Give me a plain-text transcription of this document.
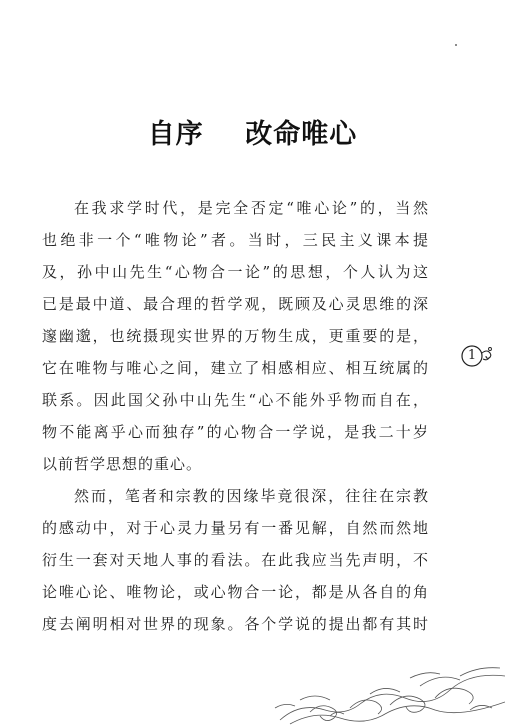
自序    改命唯心
在我求学时代，是完全否定“唯心论”的，当然
也绝非一个“唯物论”者。当时，三民主义课本提
及，孙中山先生“心物合一论”的思想，个人认为这
已是最中道、最合理的哲学观，既顾及心灵思维的深
邃幽邈，也统摄现实世界的万物生成，更重要的是，
它在唯物与唯心之间，建立了相感相应、相互统属的
联系。因此国父孙中山先生“心不能外乎物而自在，
物不能离乎心而独存”的心物合一学说，是我二十岁
以前哲学思想的重心。
然而，笔者和宗教的因缘毕竟很深，往往在宗教
的感动中，对于心灵力量另有一番见解，自然而然地
衍生一套对天地人事的看法。在此我应当先声明，不
论唯心论、唯物论，或心物合一论，都是从各自的角
度去阐明相对世界的现象。各个学说的提出都有其时
1
